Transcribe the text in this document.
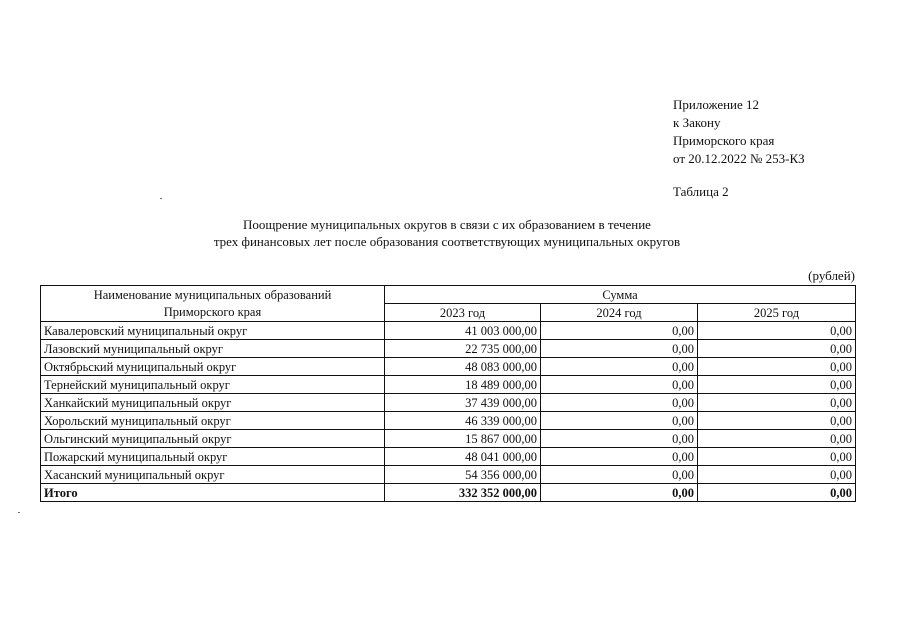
Приложение 12
к Закону
Приморского края
от 20.12.2022 № 253-КЗ
Таблица 2
Поощрение муниципальных округов в связи с их образованием в течение
трех финансовых лет после образования соответствующих муниципальных округов
(рублей)
Наименование муниципальных образований
Приморского края	Сумма		
	2023 год	2024 год	2025 год
Кавалеровский муниципальный округ	41 003 000,00	0,00	0,00
Лазовский муниципальный округ	22 735 000,00	0,00	0,00
Октябрьский муниципальный округ	48 083 000,00	0,00	0,00
Тернейский муниципальный округ	18 489 000,00	0,00	0,00
Ханкайский муниципальный округ	37 439 000,00	0,00	0,00
Хорольский муниципальный округ	46 339 000,00	0,00	0,00
Ольгинский муниципальный округ	15 867 000,00	0,00	0,00
Пожарский муниципальный округ	48 041 000,00	0,00	0,00
Хасанский муниципальный округ	54 356 000,00	0,00	0,00
Итого	332 352 000,00	0,00	0,00
